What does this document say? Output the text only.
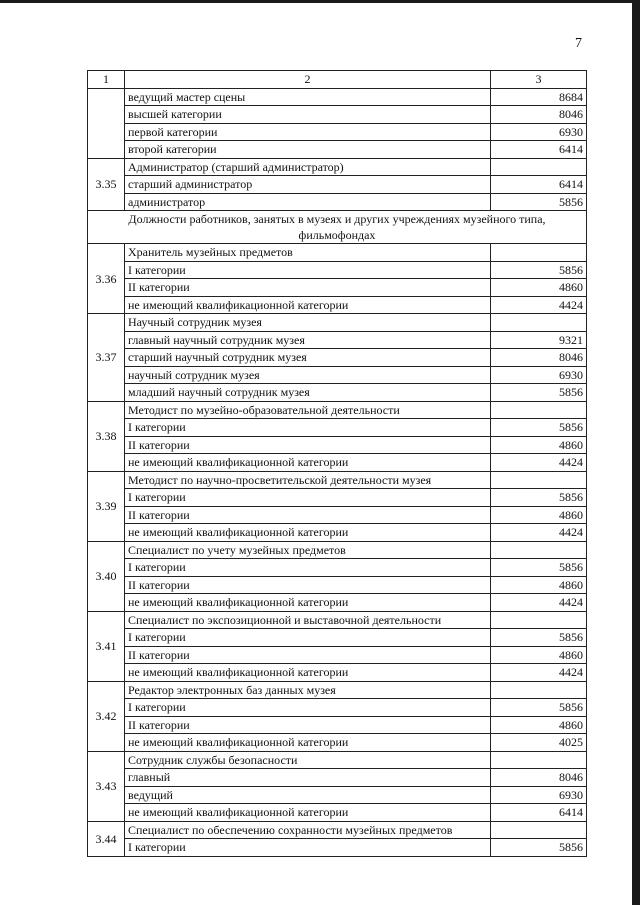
7
1	2	3
	ведущий мастер сцены	8684
	высшей категории	8046
	первой категории	6930
	второй категории	6414
3.35	Администратор (старший администратор)	
	старший администратор	6414
	администратор	5856
Должности работников, занятых в музеях и других учреждениях музейного типа, фильмофондах		
3.36	Хранитель музейных предметов	
	I категории	5856
	II категории	4860
	не имеющий квалификационной категории	4424
3.37	Научный сотрудник музея	
	главный научный сотрудник музея	9321
	старший научный сотрудник музея	8046
	научный сотрудник музея	6930
	младший научный сотрудник музея	5856
3.38	Методист по музейно-образовательной деятельности	
	I категории	5856
	II категории	4860
	не имеющий квалификационной категории	4424
3.39	Методист по научно-просветительской деятельности музея	
	I категории	5856
	II категории	4860
	не имеющий квалификационной категории	4424
3.40	Специалист по учету музейных предметов	
	I категории	5856
	II категории	4860
	не имеющий квалификационной категории	4424
3.41	Специалист по экспозиционной и выставочной деятельности	
	I категории	5856
	II категории	4860
	не имеющий квалификационной категории	4424
3.42	Редактор электронных баз данных музея	
	I категории	5856
	II категории	4860
	не имеющий квалификационной категории	4025
3.43	Сотрудник службы безопасности	
	главный	8046
	ведущий	6930
	не имеющий квалификационной категории	6414
3.44	Специалист по обеспечению сохранности музейных предметов	
	I категории	5856
